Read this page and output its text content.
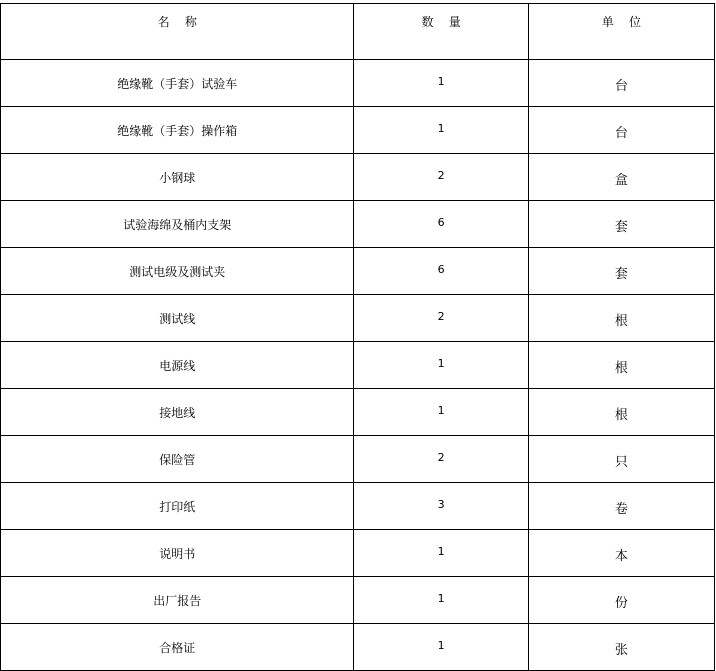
名    称	数    量	单    位
绝缘靴（手套）试验车	1	台
绝缘靴（手套）操作箱	1	台
小钢球	2	盒
试验海绵及桶内支架	6	套
测试电级及测试夹	6	套
测试线	2	根
电源线	1	根
接地线	1	根
保险管	2	只
打印纸	3	卷
说明书	1	本
出厂报告	1	份
合格证	1	张
